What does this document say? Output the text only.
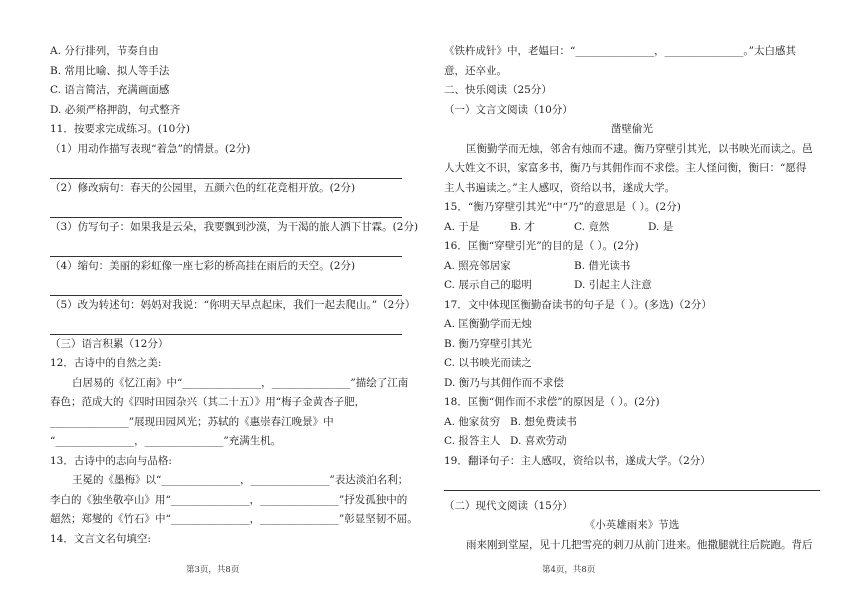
A. 分行排列，节奏自由
B. 常用比喻、拟人等手法
C. 语言简洁，充满画面感
D. 必须严格押韵，句式整齐
11．按要求完成练习。(10分)
（1）用动作描写表现“着急”的情景。(2分)
（2）修改病句：春天的公园里，五颜六色的红花竞相开放。(2分)
（3）仿写句子：如果我是云朵，我要飘到沙漠，为干渴的旅人洒下甘霖。(2分)
（4）缩句：美丽的彩虹像一座七彩的桥高挂在雨后的天空。(2分)
（5）改为转述句：妈妈对我说：“你明天早点起床，我们一起去爬山。”（2分）
（三）语言积累（12分）
12．古诗中的自然之美:
白居易的《忆江南》中“_______________，_______________”描绘了江南
春色；范成大的《四时田园杂兴（其二十五）》用“梅子金黄杏子肥，
_______________”展现田园风光；苏轼的《惠崇春江晚景》中
“_______________，_______________”充满生机。
13．古诗中的志向与品格:
王冕的《墨梅》以“_______________，_______________”表达淡泊名利；
李白的《独坐敬亭山》用“_______________，_______________”抒发孤独中的
超然；郑燮的《竹石》中“_______________，_______________”彰显坚韧不屈。
14．文言文名句填空:
第3页，共8页
《铁杵成针》中，老媪曰：“_______________，_______________。”太白感其
意，还卒业。
二、快乐阅读（25分）
（一）文言文阅读（10分）
凿壁偷光
匡衡勤学而无烛，邻舍有烛而不逮。衡乃穿壁引其光，以书映光而读之。邑
人大姓文不识，家富多书，衡乃与其佣作而不求偿。主人怪问衡，衡曰：“愿得
主人书遍读之。”主人感叹，资给以书，遂成大学。
15．“衡乃穿壁引其光”中“乃”的意思是（ ）。(2分)
A. 于是	B. 才	C. 竟然	D. 是
16．匡衡“穿壁引光”的目的是（ ）。(2分)
A. 照亮邻居家	B. 借光读书
C. 展示自己的聪明	D. 引起主人注意
17．文中体现匡衡勤奋读书的句子是（ ）。(多选)（2分）
A. 匡衡勤学而无烛
B. 衡乃穿壁引其光
C. 以书映光而读之
D. 衡乃与其佣作而不求偿
18．匡衡“佣作而不求偿”的原因是（ ）。(2分)
A. 他家贫穷 B. 想免费读书
C. 报答主人 D. 喜欢劳动
19．翻译句子：主人感叹，资给以书，遂成大学。（2分）
（二）现代文阅读（15分）
《小英雄雨来》节选
雨来刚到堂屋，见十几把雪亮的刺刀从前门进来。他撒腿就往后院跑。背后
第4页，共8页
